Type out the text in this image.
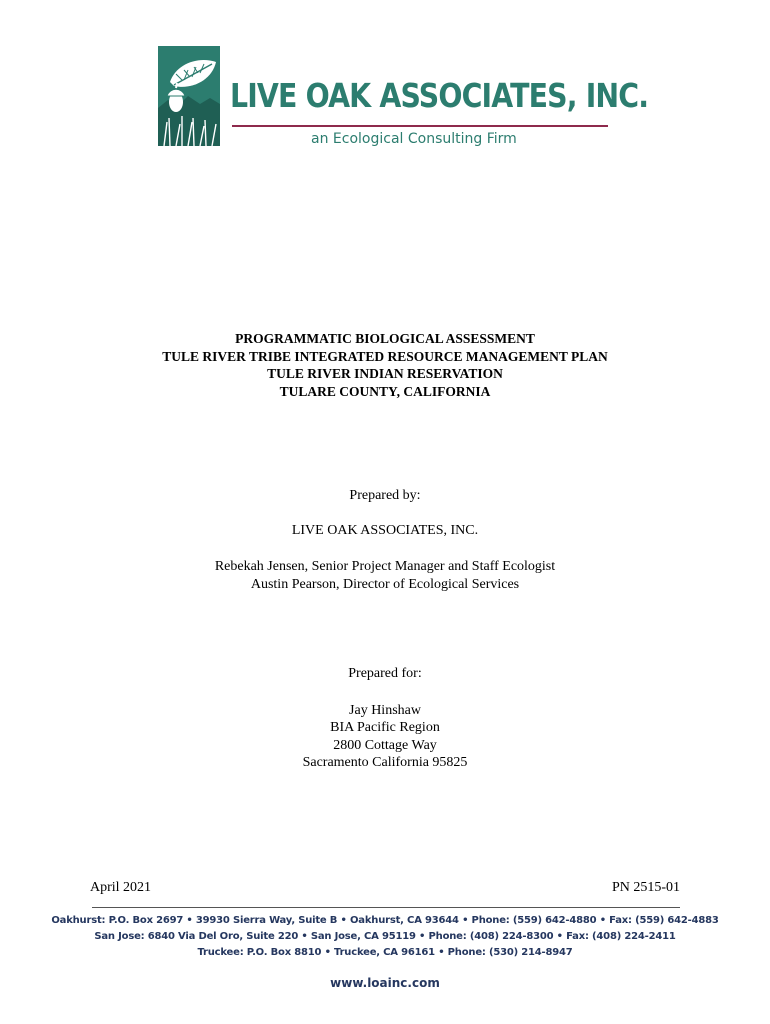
LIVE OAK ASSOCIATES, INC.
an Ecological Consulting Firm
PROGRAMMATIC BIOLOGICAL ASSESSMENT
TULE RIVER TRIBE INTEGRATED RESOURCE MANAGEMENT PLAN
TULE RIVER INDIAN RESERVATION
TULARE COUNTY, CALIFORNIA
Prepared by:
LIVE OAK ASSOCIATES, INC.
Rebekah Jensen, Senior Project Manager and Staff Ecologist
Austin Pearson, Director of Ecological Services
Prepared for:
Jay Hinshaw
BIA Pacific Region
2800 Cottage Way
Sacramento California 95825
April 2021	PN 2515-01
Oakhurst: P.O. Box 2697 • 39930 Sierra Way, Suite B • Oakhurst, CA 93644 • Phone: (559) 642-4880 • Fax: (559) 642-4883
San Jose: 6840 Via Del Oro, Suite 220 • San Jose, CA 95119 • Phone: (408) 224-8300 • Fax: (408) 224-2411
Truckee: P.O. Box 8810 • Truckee, CA 96161 • Phone: (530) 214-8947
www.loainc.com
